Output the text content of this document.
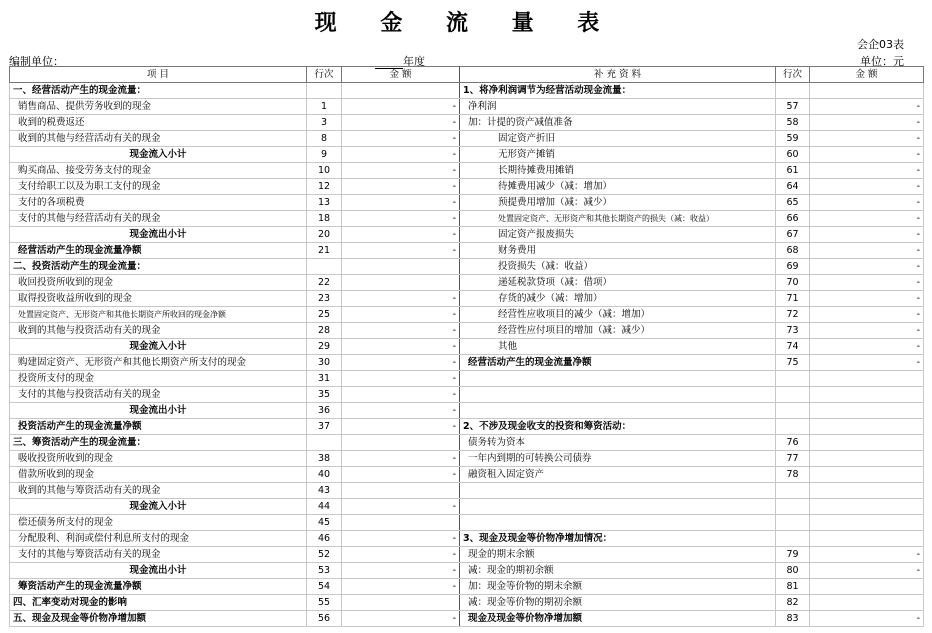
现 金 流 量 表
会企03表
单位：元
编制单位：	年度
项 目	行次	金 额	补 充 资 料	行次	金 额
一、经营活动产生的现金流量：			1、将净利润调节为经营活动现金流量：		
销售商品、提供劳务收到的现金	1	-	净利润	57	-
收到的税费返还	3	-	加：计提的资产减值准备	58	-
收到的其他与经营活动有关的现金	8	-	固定资产折旧	59	-
现金流入小计	9	-	无形资产摊销	60	-
购买商品、接受劳务支付的现金	10	-	长期待摊费用摊销	61	-
支付给职工以及为职工支付的现金	12	-	待摊费用减少（减：增加）	64	-
支付的各项税费	13	-	预提费用增加（减：减少）	65	-
支付的其他与经营活动有关的现金	18	-	处置固定资产、无形资产和其他长期资产的损失（减：收益）	66	-
现金流出小计	20	-	固定资产报废损失	67	-
经营活动产生的现金流量净额	21	-	财务费用	68	-
二、投资活动产生的现金流量：			投资损失（减：收益）	69	-
收回投资所收到的现金	22		递延税款贷项（减：借项）	70	-
取得投资收益所收到的现金	23	-	存货的减少（减：增加）	71	-
处置固定资产、无形资产和其他长期资产所收回的现金净额	25	-	经营性应收项目的减少（减：增加）	72	-
收到的其他与投资活动有关的现金	28	-	经营性应付项目的增加（减：减少）	73	-
现金流入小计	29	-	其他	74	-
购建固定资产、无形资产和其他长期资产所支付的现金	30	-	经营活动产生的现金流量净额	75	-
投资所支付的现金	31	-			
支付的其他与投资活动有关的现金	35	-			
现金流出小计	36	-			
投资活动产生的现金流量净额	37	-	2、不涉及现金收支的投资和筹资活动：		
三、筹资活动产生的现金流量：			债务转为资本	76	
吸收投资所收到的现金	38	-	一年内到期的可转换公司债券	77	
借款所收到的现金	40	-	融资租入固定资产	78	
收到的其他与筹资活动有关的现金	43				
现金流入小计	44	-			
偿还债务所支付的现金	45				
分配股利、利润或偿付利息所支付的现金	46	-	3、现金及现金等价物净增加情况：		
支付的其他与筹资活动有关的现金	52	-	现金的期末余额	79	-
现金流出小计	53	-	减：现金的期初余额	80	-
筹资活动产生的现金流量净额	54	-	加：现金等价物的期末余额	81	
四、汇率变动对现金的影响	55		减：现金等价物的期初余额	82	
五、现金及现金等价物净增加额	56	-	现金及现金等价物净增加额	83	-
